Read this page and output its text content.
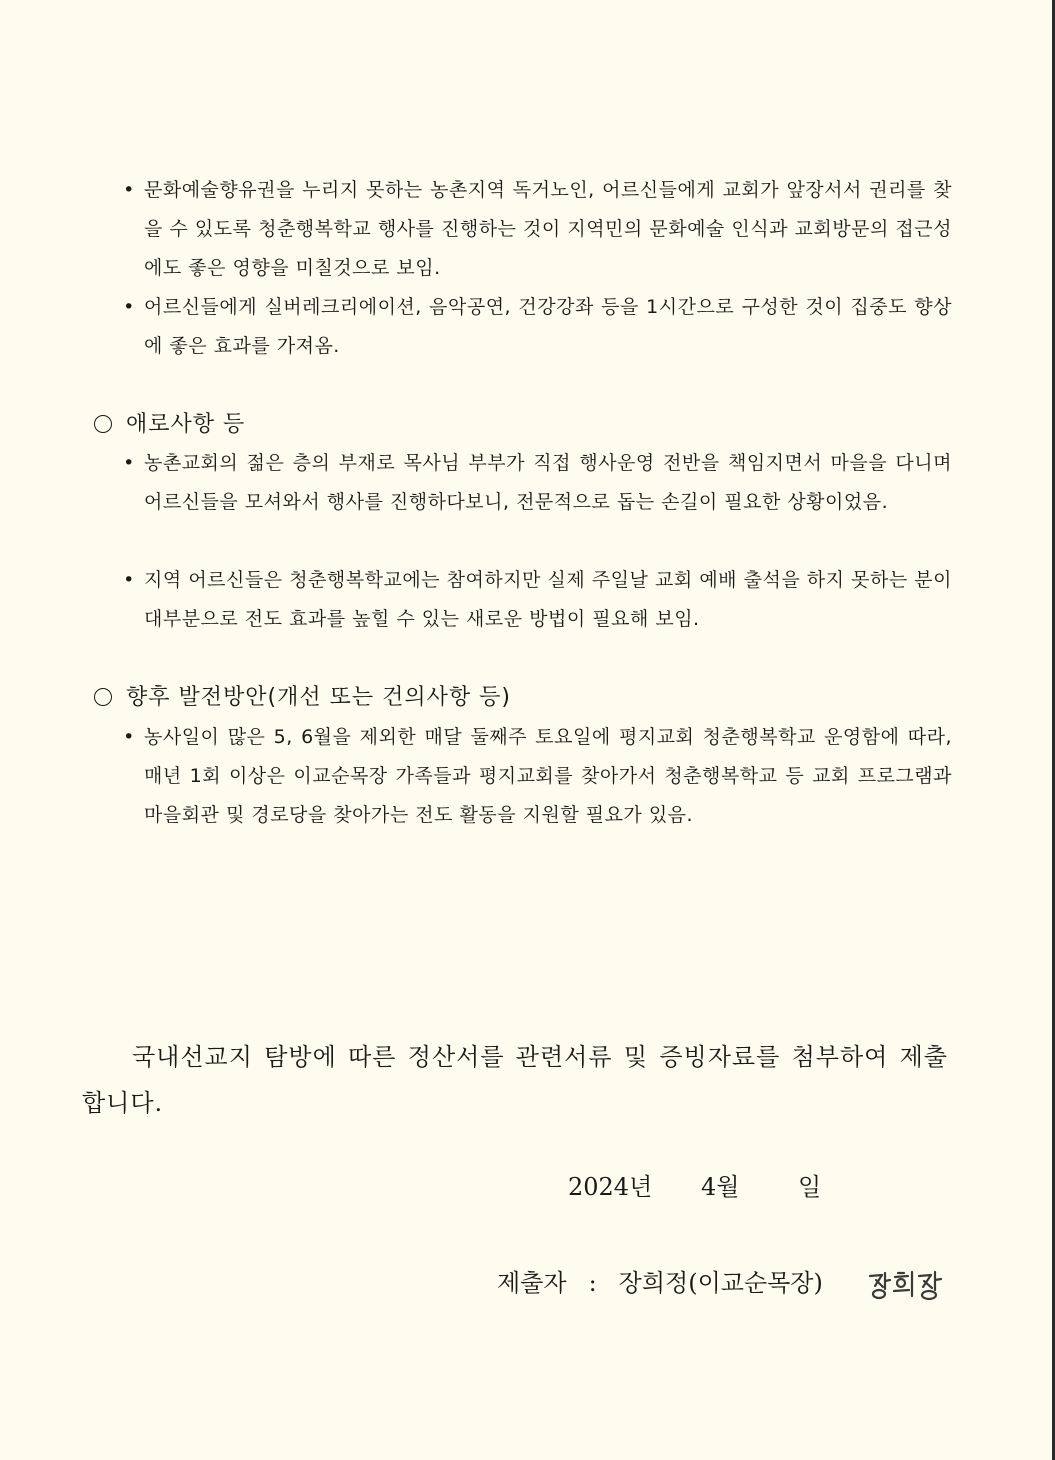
• 문화예술향유권을 누리지 못하는 농촌지역 독거노인, 어르신들에게 교회가 앞장서서 권리를 찾을 수 있도록 청춘행복학교 행사를 진행하는 것이 지역민의 문화예술 인식과 교회방문의 접근성에도 좋은 영향을 미칠것으로 보임.
• 어르신들에게 실버레크리에이션, 음악공연, 건강강좌 등을 1시간으로 구성한 것이 집중도 향상에 좋은 효과를 가져옴.
애로사항 등
• 농촌교회의 젊은 층의 부재로 목사님 부부가 직접 행사운영 전반을 책임지면서 마을을 다니며 어르신들을 모셔와서 행사를 진행하다보니, 전문적으로 돕는 손길이 필요한 상황이었음.
• 지역 어르신들은 청춘행복학교에는 참여하지만 실제 주일날 교회 예배 출석을 하지 못하는 분이 대부분으로 전도 효과를 높힐 수 있는 새로운 방법이 필요해 보임.
향후 발전방안(개선 또는 건의사항 등)
• 농사일이 많은 5, 6월을 제외한 매달 둘째주 토요일에 평지교회 청춘행복학교 운영함에 따라, 매년 1회 이상은 이교순목장 가족들과 평지교회를 찾아가서 청춘행복학교 등 교회 프로그램과 마을회관 및 경로당을 찾아가는 전도 활동을 지원할 필요가 있음.
국내선교지 탐방에 따른 정산서를 관련서류 및 증빙자료를 첨부하여 제출합니다.
2024년 4월 일
제출자 : 장희정(이교순목장)
